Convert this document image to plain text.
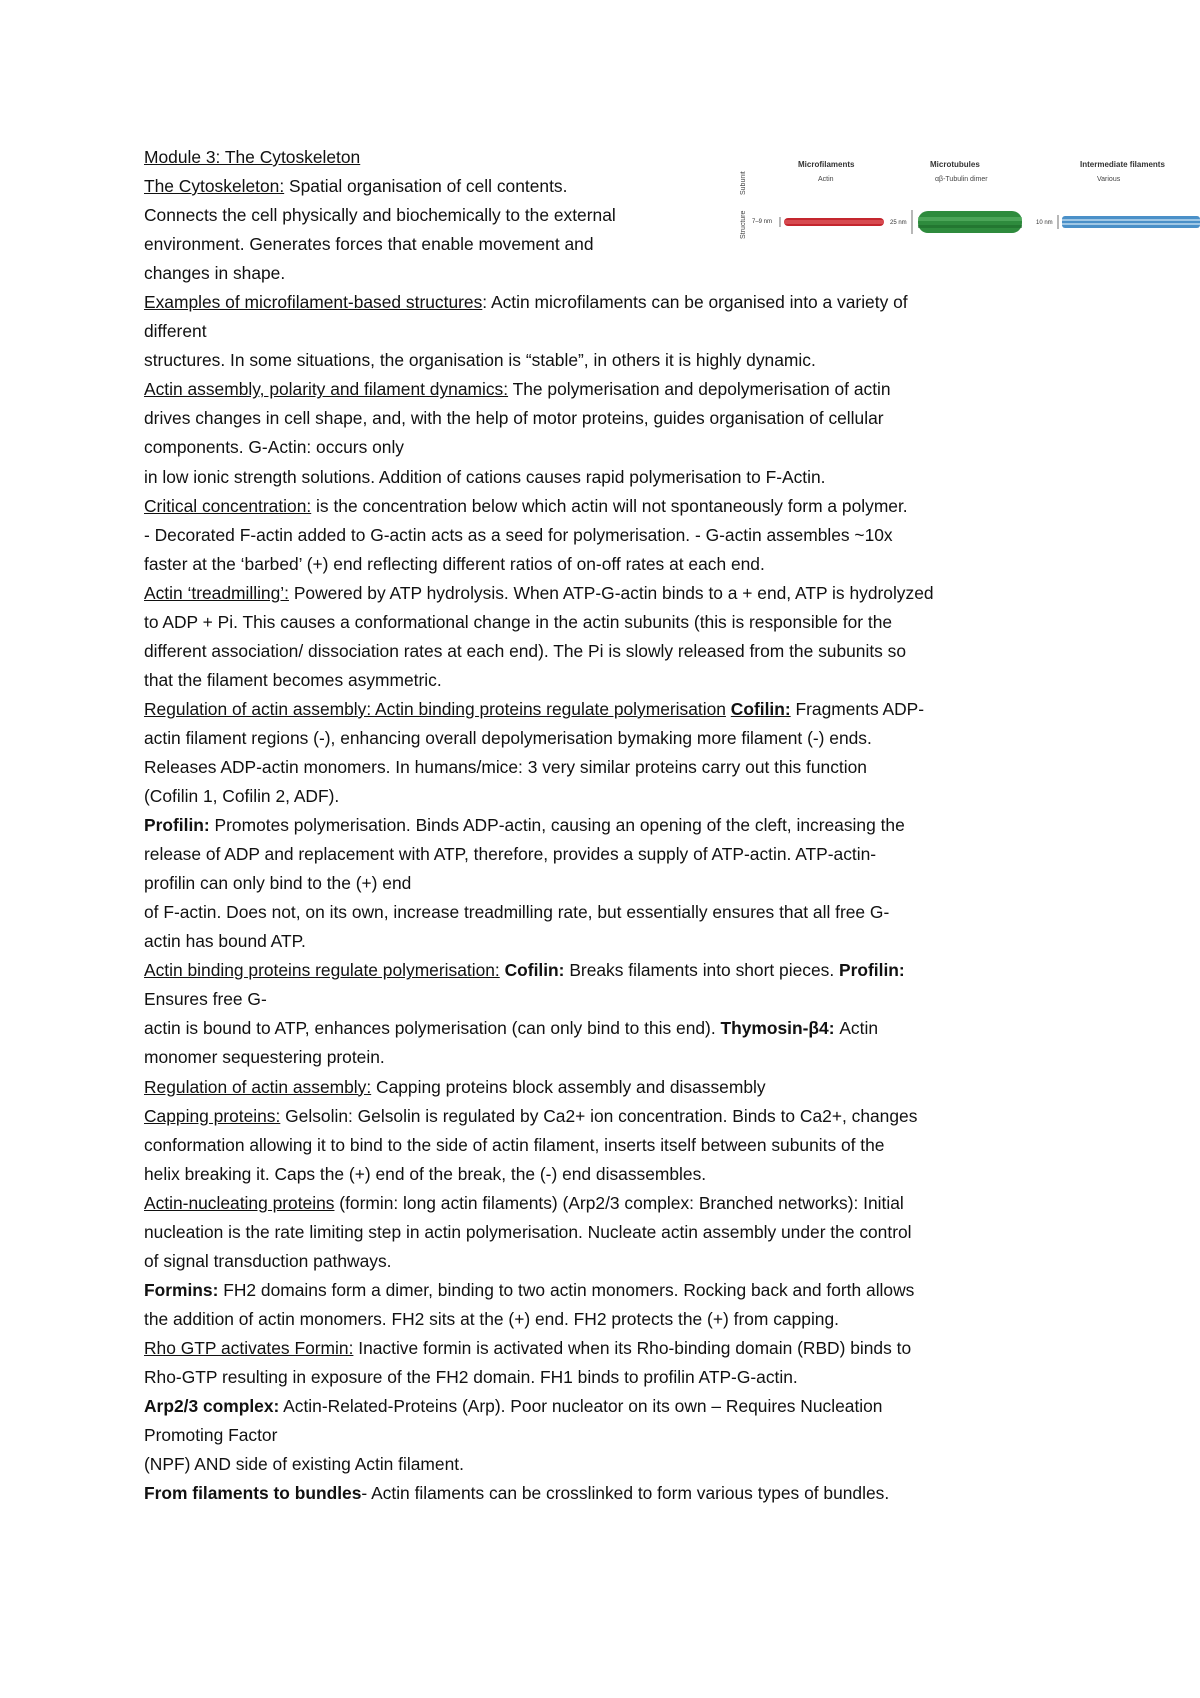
Subunit
Structure
Microfilaments	Microtubules	Intermediate filaments
Actin	αβ-Tubulin dimer	Various
7–9 nm	25 nm	10 nm

Module 3: The Cytoskeleton

The Cytoskeleton: Spatial organisation of cell contents.

Connects the cell physically and biochemically to the external

environment. Generates forces that enable movement and

changes in shape.

Examples of microfilament-based structures: Actin microfilaments can be organised into a variety of

different

structures. In some situations, the organisation is “stable”, in others it is highly dynamic.

Actin assembly, polarity and filament dynamics: The polymerisation and depolymerisation of actin

drives changes in cell shape, and, with the help of motor proteins, guides organisation of cellular

components. G-Actin: occurs only

in low ionic strength solutions. Addition of cations causes rapid polymerisation to F-Actin.

Critical concentration: is the concentration below which actin will not spontaneously form a polymer.

- Decorated F-actin added to G-actin acts as a seed for polymerisation. - G-actin assembles ~10x

faster at the ‘barbed’ (+) end reflecting different ratios of on-off rates at each end.

Actin ‘treadmilling’: Powered by ATP hydrolysis. When ATP-G-actin binds to a + end, ATP is hydrolyzed

to ADP + Pi. This causes a conformational change in the actin subunits (this is responsible for the

different association/ dissociation rates at each end). The Pi is slowly released from the subunits so

that the filament becomes asymmetric.

Regulation of actin assembly: Actin binding proteins regulate polymerisation Cofilin: Fragments ADP-

actin filament regions (-), enhancing overall depolymerisation bymaking more filament (-) ends.

Releases ADP-actin monomers. In humans/mice: 3 very similar proteins carry out this function

(Cofilin 1, Cofilin 2, ADF).

Profilin: Promotes polymerisation. Binds ADP-actin, causing an opening of the cleft, increasing the

release of ADP and replacement with ATP, therefore, provides a supply of ATP-actin. ATP-actin-

profilin can only bind to the (+) end

of F-actin. Does not, on its own, increase treadmilling rate, but essentially ensures that all free G-

actin has bound ATP.

Actin binding proteins regulate polymerisation: Cofilin: Breaks filaments into short pieces. Profilin:

Ensures free G-

actin is bound to ATP, enhances polymerisation (can only bind to this end). Thymosin-β4: Actin

monomer sequestering protein.

Regulation of actin assembly: Capping proteins block assembly and disassembly

Capping proteins: Gelsolin: Gelsolin is regulated by Ca2+ ion concentration. Binds to Ca2+, changes

conformation allowing it to bind to the side of actin filament, inserts itself between subunits of the

helix breaking it. Caps the (+) end of the break, the (-) end disassembles.

Actin-nucleating proteins (formin: long actin filaments) (Arp2/3 complex: Branched networks): Initial

nucleation is the rate limiting step in actin polymerisation. Nucleate actin assembly under the control

of signal transduction pathways.

Formins: FH2 domains form a dimer, binding to two actin monomers. Rocking back and forth allows

the addition of actin monomers. FH2 sits at the (+) end. FH2 protects the (+) from capping.

Rho GTP activates Formin: Inactive formin is activated when its Rho-binding domain (RBD) binds to

Rho-GTP resulting in exposure of the FH2 domain. FH1 binds to profilin ATP-G-actin.

Arp2/3 complex: Actin-Related-Proteins (Arp). Poor nucleator on its own – Requires Nucleation

Promoting Factor

(NPF) AND side of existing Actin filament.

From filaments to bundles- Actin filaments can be crosslinked to form various types of bundles.
